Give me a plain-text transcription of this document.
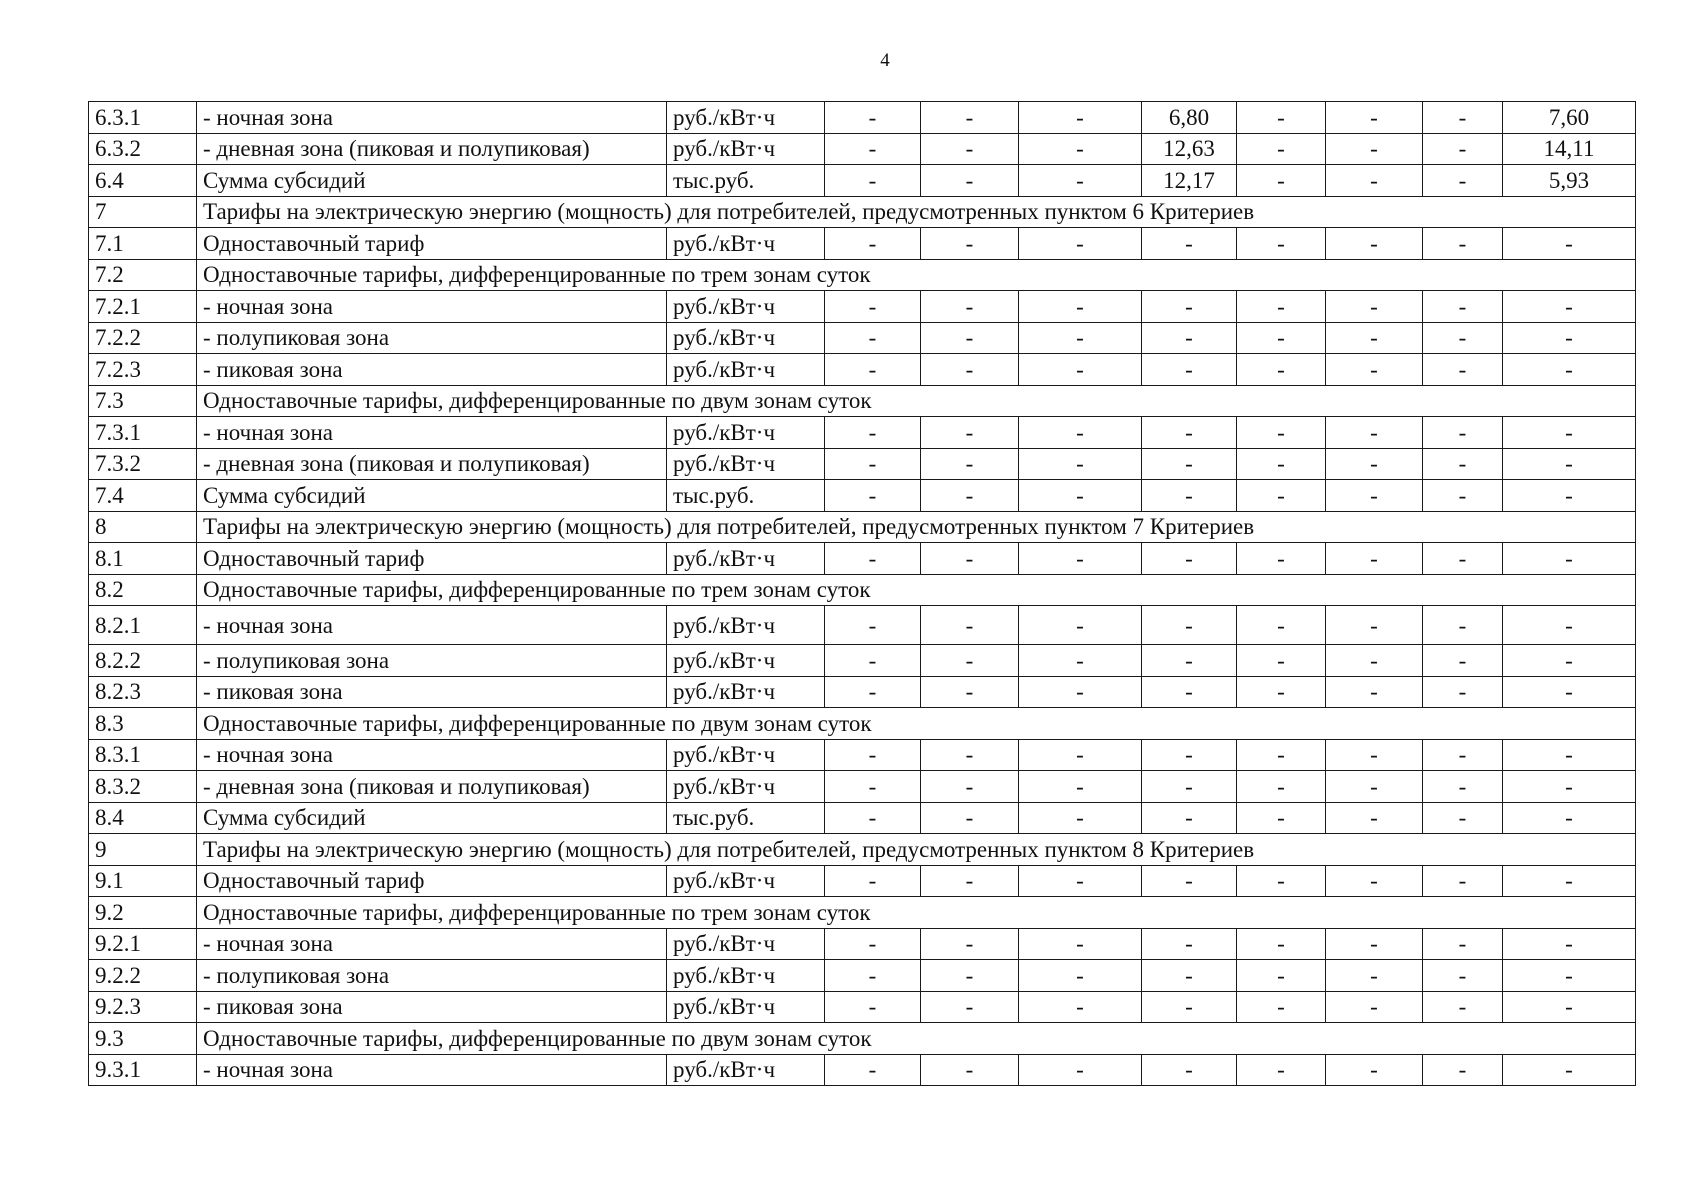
4
6.3.1	- ночная зона	руб./кВт·ч	-	-	-	6,80	-	-	-	7,60
6.3.2	- дневная зона (пиковая и полупиковая)	руб./кВт·ч	-	-	-	12,63	-	-	-	14,11
6.4	Сумма субсидий	тыс.руб.	-	-	-	12,17	-	-	-	5,93
7	Тарифы на электрическую энергию (мощность) для потребителей, предусмотренных пунктом 6 Критериев									
7.1	Одноставочный тариф	руб./кВт·ч	-	-	-	-	-	-	-	-
7.2	Одноставочные тарифы, дифференцированные по трем зонам суток									
7.2.1	- ночная зона	руб./кВт·ч	-	-	-	-	-	-	-	-
7.2.2	- полупиковая зона	руб./кВт·ч	-	-	-	-	-	-	-	-
7.2.3	- пиковая зона	руб./кВт·ч	-	-	-	-	-	-	-	-
7.3	Одноставочные тарифы, дифференцированные по двум зонам суток									
7.3.1	- ночная зона	руб./кВт·ч	-	-	-	-	-	-	-	-
7.3.2	- дневная зона (пиковая и полупиковая)	руб./кВт·ч	-	-	-	-	-	-	-	-
7.4	Сумма субсидий	тыс.руб.	-	-	-	-	-	-	-	-
8	Тарифы на электрическую энергию (мощность) для потребителей, предусмотренных пунктом 7 Критериев									
8.1	Одноставочный тариф	руб./кВт·ч	-	-	-	-	-	-	-	-
8.2	Одноставочные тарифы, дифференцированные по трем зонам суток									
8.2.1	- ночная зона	руб./кВт·ч	-	-	-	-	-	-	-	-
8.2.2	- полупиковая зона	руб./кВт·ч	-	-	-	-	-	-	-	-
8.2.3	- пиковая зона	руб./кВт·ч	-	-	-	-	-	-	-	-
8.3	Одноставочные тарифы, дифференцированные по двум зонам суток									
8.3.1	- ночная зона	руб./кВт·ч	-	-	-	-	-	-	-	-
8.3.2	- дневная зона (пиковая и полупиковая)	руб./кВт·ч	-	-	-	-	-	-	-	-
8.4	Сумма субсидий	тыс.руб.	-	-	-	-	-	-	-	-
9	Тарифы на электрическую энергию (мощность) для потребителей, предусмотренных пунктом 8 Критериев									
9.1	Одноставочный тариф	руб./кВт·ч	-	-	-	-	-	-	-	-
9.2	Одноставочные тарифы, дифференцированные по трем зонам суток									
9.2.1	- ночная зона	руб./кВт·ч	-	-	-	-	-	-	-	-
9.2.2	- полупиковая зона	руб./кВт·ч	-	-	-	-	-	-	-	-
9.2.3	- пиковая зона	руб./кВт·ч	-	-	-	-	-	-	-	-
9.3	Одноставочные тарифы, дифференцированные по двум зонам суток									
9.3.1	- ночная зона	руб./кВт·ч	-	-	-	-	-	-	-	-
